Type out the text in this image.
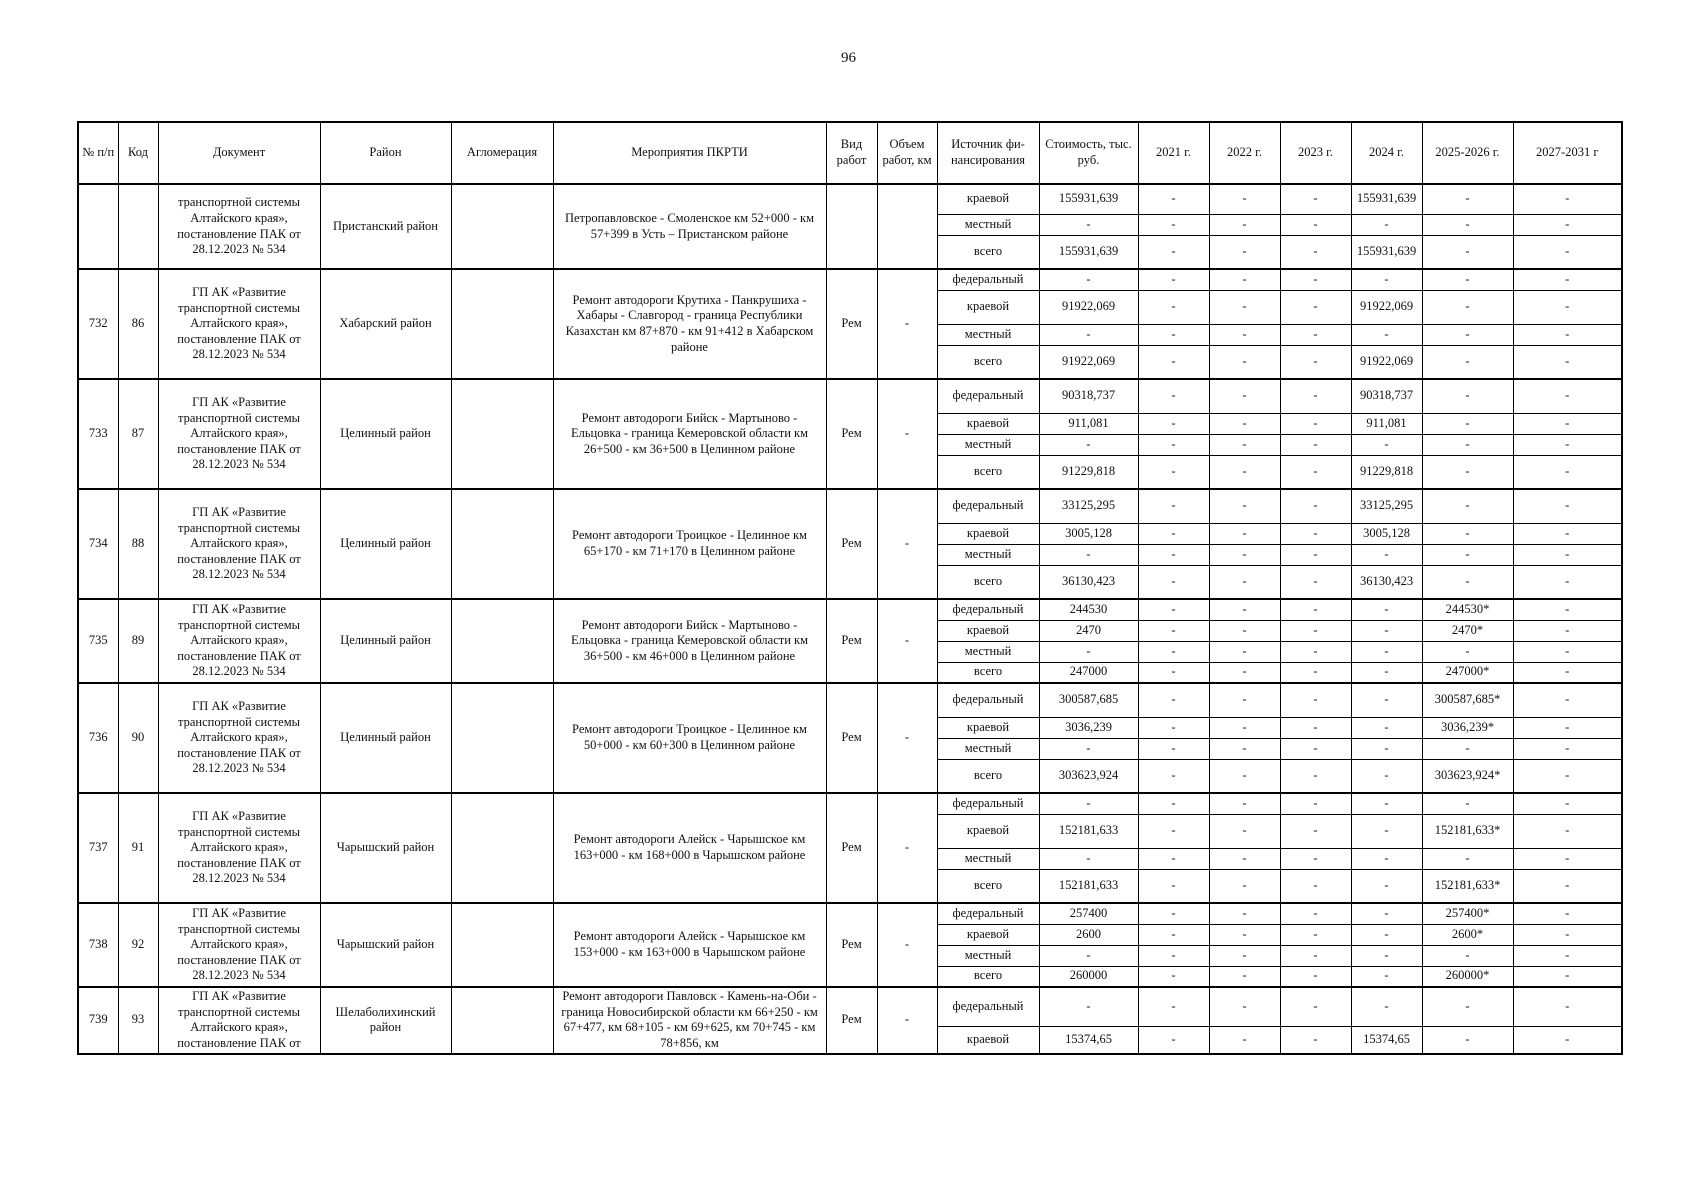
96
№ п/п	Код	Документ	Район	Агломерация	Мероприятия ПКРТИ	Вид работ	Объем работ, км	Источник фи-нансирования	Стоимость, тыс. руб.	2021 г.	2022 г.	2023 г.	2024 г.	2025-2026 г.	2027-2031 г
		транспортной системы Алтайского края», постановление ПАК от 28.12.2023 № 534	Пристанский район		Петропавловское - Смоленское км 52+000 - км 57+399 в Усть – Пристанском районе			краевой	155931,639	-	-	-	155931,639	-	-
								местный	-	-	-	-	-	-	-
								всего	155931,639	-	-	-	155931,639	-	-
732	86	ГП АК «Развитие транспортной системы Алтайского края», постановление ПАК от 28.12.2023 № 534	Хабарский район		Ремонт автодороги Крутиха - Панкрушиха - Хабары - Славгород - граница Республики Казахстан км 87+870 - км 91+412 в Хабарском районе	Рем	-	федеральный	-	-	-	-	-	-	-
								краевой	91922,069	-	-	-	91922,069	-	-
								местный	-	-	-	-	-	-	-
								всего	91922,069	-	-	-	91922,069	-	-
733	87	ГП АК «Развитие транспортной системы Алтайского края», постановление ПАК от 28.12.2023 № 534	Целинный район		Ремонт автодороги Бийск - Мартыново - Ельцовка - граница Кемеровской области км 26+500 - км 36+500 в Целинном районе	Рем	-	федеральный	90318,737	-	-	-	90318,737	-	-
								краевой	911,081	-	-	-	911,081	-	-
								местный	-	-	-	-	-	-	-
								всего	91229,818	-	-	-	91229,818	-	-
734	88	ГП АК «Развитие транспортной системы Алтайского края», постановление ПАК от 28.12.2023 № 534	Целинный район		Ремонт автодороги Троицкое - Целинное км 65+170 - км 71+170 в Целинном районе	Рем	-	федеральный	33125,295	-	-	-	33125,295	-	-
								краевой	3005,128	-	-	-	3005,128	-	-
								местный	-	-	-	-	-	-	-
								всего	36130,423	-	-	-	36130,423	-	-
735	89	ГП АК «Развитие транспортной системы Алтайского края», постановление ПАК от 28.12.2023 № 534	Целинный район		Ремонт автодороги Бийск - Мартыново - Ельцовка - граница Кемеровской области км 36+500 - км 46+000 в Целинном районе	Рем	-	федеральный	244530	-	-	-	-	244530*	-
								краевой	2470	-	-	-	-	2470*	-
								местный	-	-	-	-	-	-	-
								всего	247000	-	-	-	-	247000*	-
736	90	ГП АК «Развитие транспортной системы Алтайского края», постановление ПАК от 28.12.2023 № 534	Целинный район		Ремонт автодороги Троицкое - Целинное км 50+000 - км 60+300 в Целинном районе	Рем	-	федеральный	300587,685	-	-	-	-	300587,685*	-
								краевой	3036,239	-	-	-	-	3036,239*	-
								местный	-	-	-	-	-	-	-
								всего	303623,924	-	-	-	-	303623,924*	-
737	91	ГП АК «Развитие транспортной системы Алтайского края», постановление ПАК от 28.12.2023 № 534	Чарышский район		Ремонт автодороги Алейск - Чарышское км 163+000 - км 168+000 в Чарышском районе	Рем	-	федеральный	-	-	-	-	-	-	-
								краевой	152181,633	-	-	-	-	152181,633*	-
								местный	-	-	-	-	-	-	-
								всего	152181,633	-	-	-	-	152181,633*	-
738	92	ГП АК «Развитие транспортной системы Алтайского края», постановление ПАК от 28.12.2023 № 534	Чарышский район		Ремонт автодороги Алейск - Чарышское км 153+000 - км 163+000 в Чарышском районе	Рем	-	федеральный	257400	-	-	-	-	257400*	-
								краевой	2600	-	-	-	-	2600*	-
								местный	-	-	-	-	-	-	-
								всего	260000	-	-	-	-	260000*	-
739	93	ГП АК «Развитие транспортной системы Алтайского края», постановление ПАК от	Шелаболихинский район		Ремонт автодороги Павловск - Камень-на-Оби - граница Новосибирской области км 66+250 - км 67+477, км 68+105 - км 69+625, км 70+745 - км 78+856, км	Рем	-	федеральный	-	-	-	-	-	-	-
								краевой	15374,65	-	-	-	15374,65	-	-
